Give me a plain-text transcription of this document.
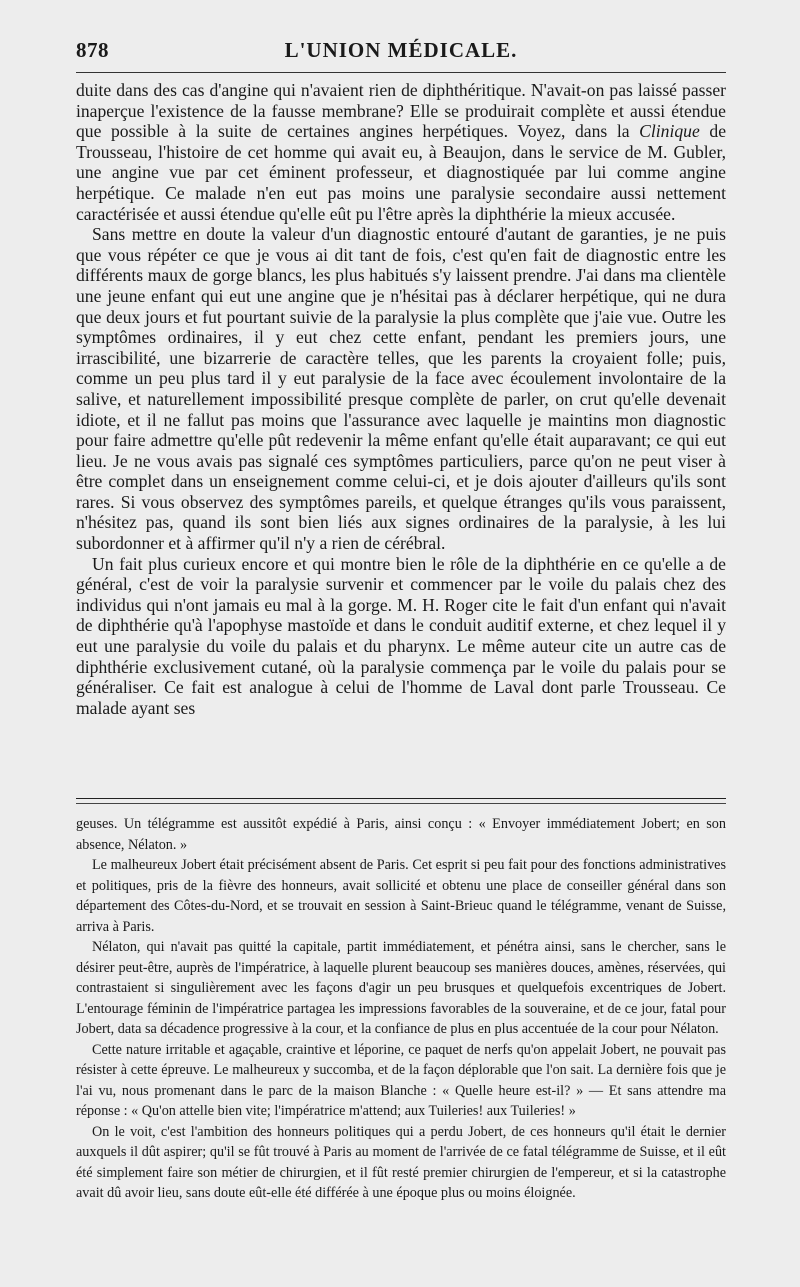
878	L'UNION MÉDICALE.

duite dans des cas d'angine qui n'avaient rien de diphthéritique. N'avait-on pas laissé passer inaperçue l'existence de la fausse membrane? Elle se produirait complète et aussi étendue que possible à la suite de certaines angines herpétiques. Voyez, dans la Clinique de Trousseau, l'histoire de cet homme qui avait eu, à Beaujon, dans le service de M. Gubler, une angine vue par cet éminent professeur, et diagnostiquée par lui comme angine herpétique. Ce malade n'en eut pas moins une paralysie secondaire aussi nettement caractérisée et aussi étendue qu'elle eût pu l'être après la diphthérie la mieux accusée.

Sans mettre en doute la valeur d'un diagnostic entouré d'autant de garanties, je ne puis que vous répéter ce que je vous ai dit tant de fois, c'est qu'en fait de diagnostic entre les différents maux de gorge blancs, les plus habitués s'y laissent prendre. J'ai dans ma clientèle une jeune enfant qui eut une angine que je n'hésitai pas à déclarer herpétique, qui ne dura que deux jours et fut pourtant suivie de la paralysie la plus complète que j'aie vue. Outre les symptômes ordinaires, il y eut chez cette enfant, pendant les premiers jours, une irrascibilité, une bizarrerie de caractère telles, que les parents la croyaient folle; puis, comme un peu plus tard il y eut paralysie de la face avec écoulement involontaire de la salive, et naturellement impossibilité presque complète de parler, on crut qu'elle devenait idiote, et il ne fallut pas moins que l'assurance avec laquelle je maintins mon diagnostic pour faire admettre qu'elle pût redevenir la même enfant qu'elle était auparavant; ce qui eut lieu. Je ne vous avais pas signalé ces symptômes particuliers, parce qu'on ne peut viser à être complet dans un enseignement comme celui-ci, et je dois ajouter d'ailleurs qu'ils sont rares. Si vous observez des symptômes pareils, et quelque étranges qu'ils vous paraissent, n'hésitez pas, quand ils sont bien liés aux signes ordinaires de la paralysie, à les lui subordonner et à affirmer qu'il n'y a rien de cérébral.

Un fait plus curieux encore et qui montre bien le rôle de la diphthérie en ce qu'elle a de général, c'est de voir la paralysie survenir et commencer par le voile du palais chez des individus qui n'ont jamais eu mal à la gorge. M. H. Roger cite le fait d'un enfant qui n'avait de diphthérie qu'à l'apophyse mastoïde et dans le conduit auditif externe, et chez lequel il y eut une paralysie du voile du palais et du pharynx. Le même auteur cite un autre cas de diphthérie exclusivement cutané, où la paralysie commença par le voile du palais pour se généraliser. Ce fait est analogue à celui de l'homme de Laval dont parle Trousseau. Ce malade ayant ses

geuses. Un télégramme est aussitôt expédié à Paris, ainsi conçu : « Envoyer immédiatement Jobert; en son absence, Nélaton. »

Le malheureux Jobert était précisément absent de Paris. Cet esprit si peu fait pour des fonctions administratives et politiques, pris de la fièvre des honneurs, avait sollicité et obtenu une place de conseiller général dans son département des Côtes-du-Nord, et se trouvait en session à Saint-Brieuc quand le télégramme, venant de Suisse, arriva à Paris.

Nélaton, qui n'avait pas quitté la capitale, partit immédiatement, et pénétra ainsi, sans le chercher, sans le désirer peut-être, auprès de l'impératrice, à laquelle plurent beaucoup ses manières douces, amènes, réservées, qui contrastaient si singulièrement avec les façons d'agir un peu brusques et quelquefois excentriques de Jobert. L'entourage féminin de l'impératrice partagea les impressions favorables de la souveraine, et de ce jour, fatal pour Jobert, data sa décadence progressive à la cour, et la confiance de plus en plus accentuée de la cour pour Nélaton.

Cette nature irritable et agaçable, craintive et léporine, ce paquet de nerfs qu'on appelait Jobert, ne pouvait pas résister à cette épreuve. Le malheureux y succomba, et de la façon déplorable que l'on sait. La dernière fois que je l'ai vu, nous promenant dans le parc de la maison Blanche : « Quelle heure est-il? » — Et sans attendre ma réponse : « Qu'on attelle bien vite; l'impératrice m'attend; aux Tuileries! aux Tuileries! »

On le voit, c'est l'ambition des honneurs politiques qui a perdu Jobert, de ces honneurs qu'il était le dernier auxquels il dût aspirer; qu'il se fût trouvé à Paris au moment de l'arrivée de ce fatal télégramme de Suisse, et il eût été simplement faire son métier de chirurgien, et il fût resté premier chirurgien de l'empereur, et si la catastrophe avait dû avoir lieu, sans doute eût-elle été différée à une époque plus ou moins éloignée.
